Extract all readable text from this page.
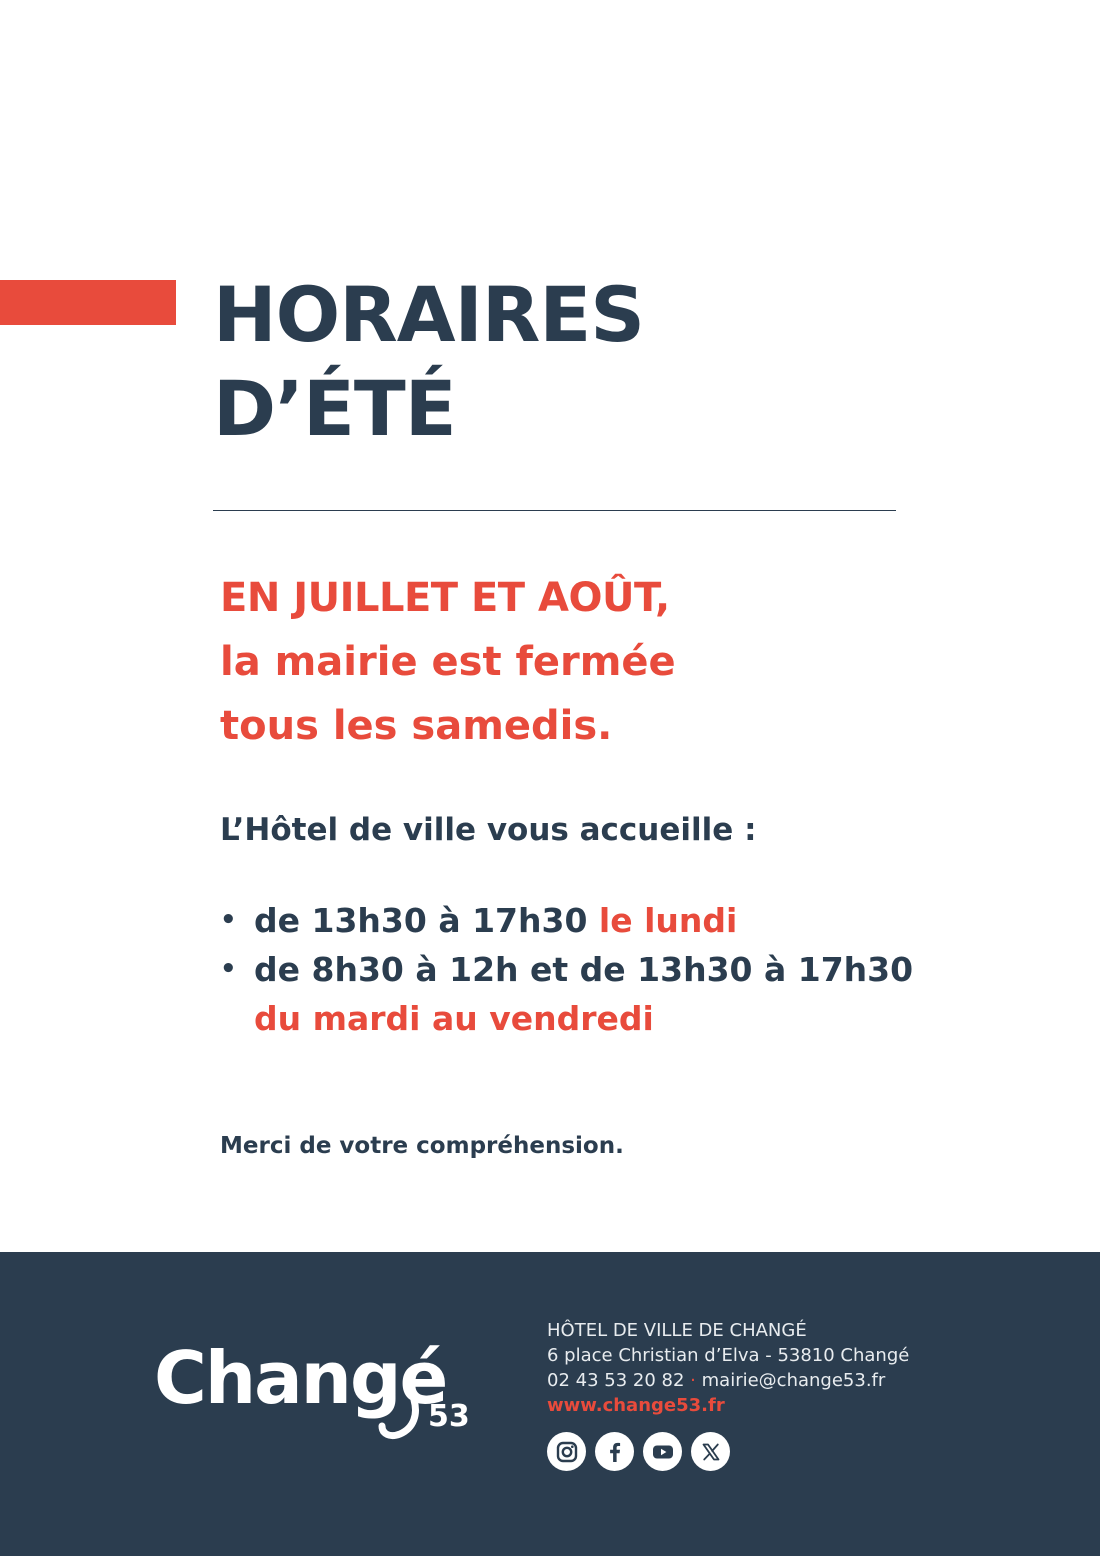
HORAIRES
D’ÉTÉ

EN JUILLET ET AOÛT,
la mairie est fermée
tous les samedis.

L’Hôtel de ville vous accueille :

• de 13h30 à 17h30 le lundi
• de 8h30 à 12h et de 13h30 à 17h30
du mardi au vendredi

Merci de votre compréhension.

Changé
53
HÔTEL DE VILLE DE CHANGÉ
6 place Christian d’Elva - 53810 Changé
02 43 53 20 82 · mairie@change53.fr
www.change53.fr
